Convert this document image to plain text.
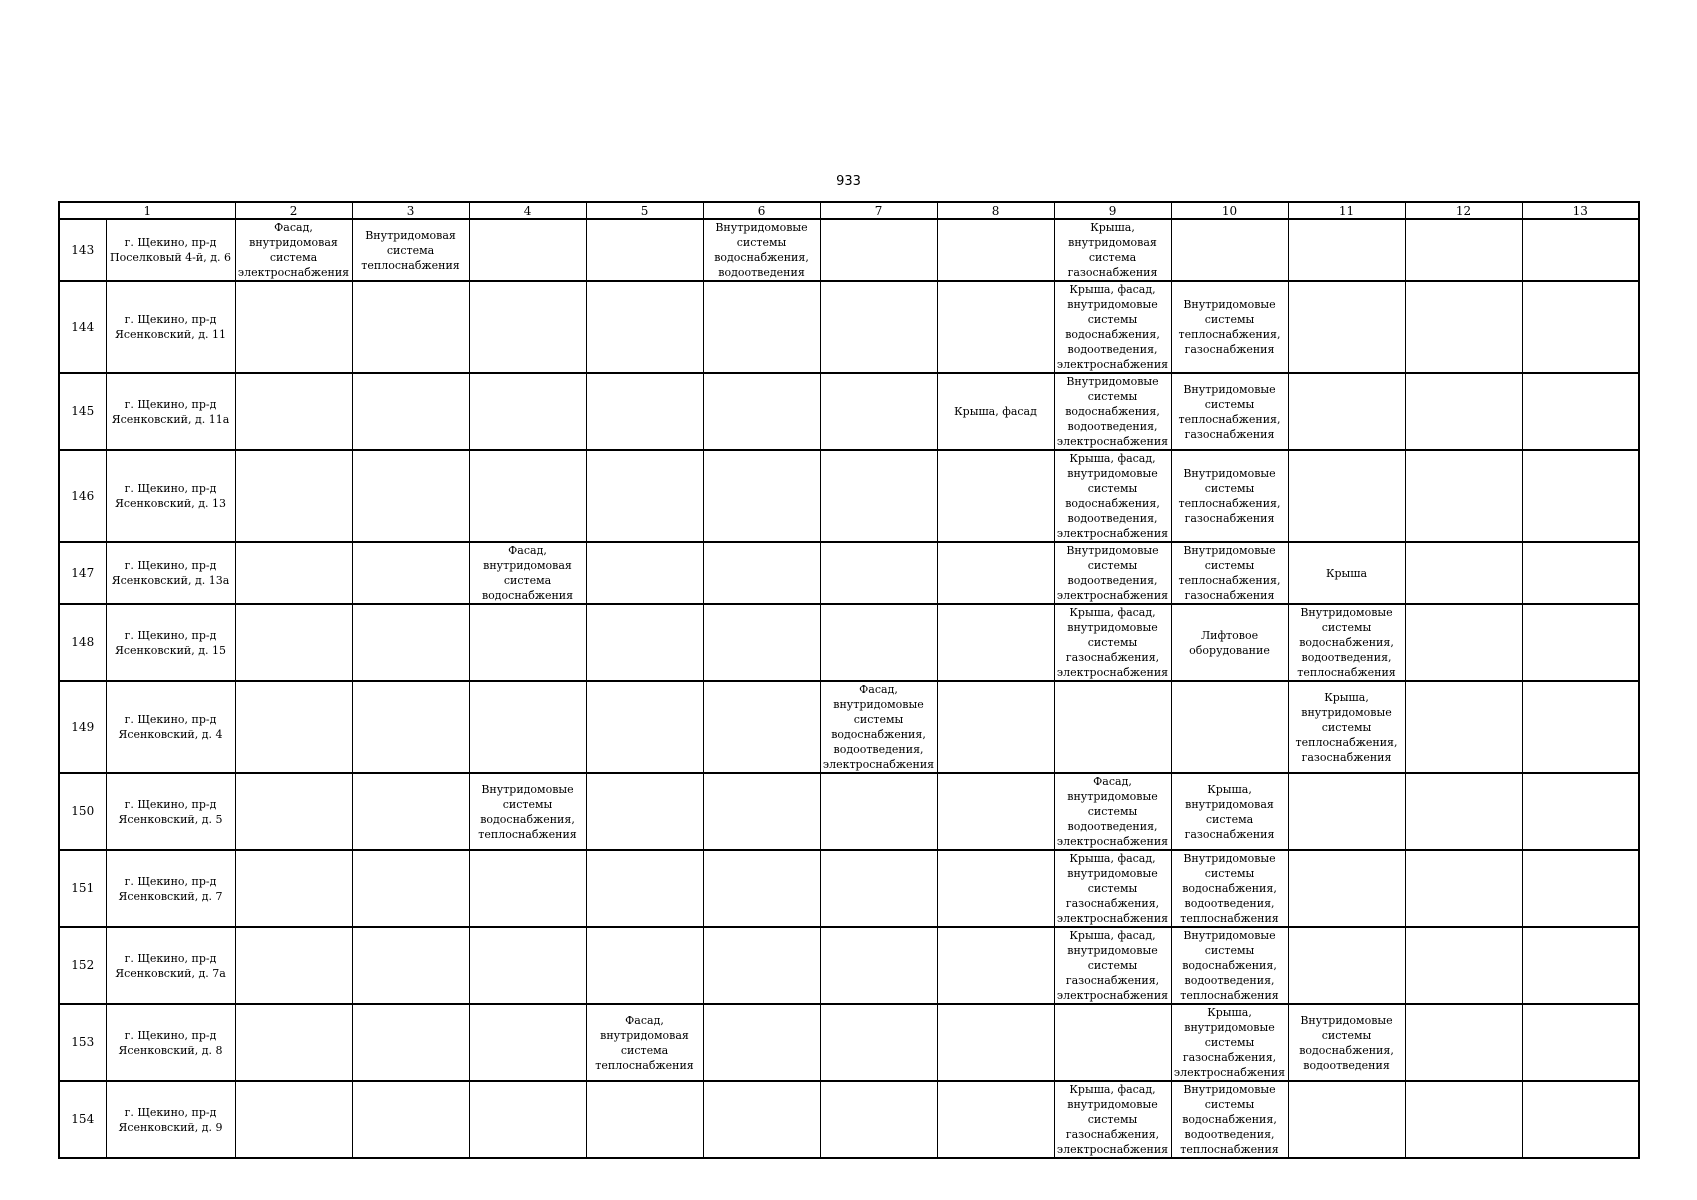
933
1		2	3	4	5	6	7	8	9	10	11	12	13
143	г. Щекино, пр-д Поселковый 4-й, д. 6	Фасад, внутридомовая система электроснабжения	Внутридомовая система теплоснабжения			Внутридомовые системы водоснабжения, водоотведения			Крыша, внутридомовая система газоснабжения				
144	г. Щекино, пр-д Ясенковский, д. 11								Крыша, фасад, внутридомовые системы водоснабжения, водоотведения, электроснабжения	Внутридомовые системы теплоснабжения, газоснабжения			
145	г. Щекино, пр-д Ясенковский, д. 11а							Крыша, фасад	Внутридомовые системы водоснабжения, водоотведения, электроснабжения	Внутридомовые системы теплоснабжения, газоснабжения			
146	г. Щекино, пр-д Ясенковский, д. 13								Крыша, фасад, внутридомовые системы водоснабжения, водоотведения, электроснабжения	Внутридомовые системы теплоснабжения, газоснабжения			
147	г. Щекино, пр-д Ясенковский, д. 13а			Фасад, внутридомовая система водоснабжения					Внутридомовые системы водоотведения, электроснабжения	Внутридомовые системы теплоснабжения, газоснабжения	Крыша		
148	г. Щекино, пр-д Ясенковский, д. 15								Крыша, фасад, внутридомовые системы газоснабжения, электроснабжения	Лифтовое оборудование	Внутридомовые системы водоснабжения, водоотведения, теплоснабжения		
149	г. Щекино, пр-д Ясенковский, д. 4						Фасад, внутридомовые системы водоснабжения, водоотведения, электроснабжения				Крыша, внутридомовые системы теплоснабжения, газоснабжения		
150	г. Щекино, пр-д Ясенковский, д. 5			Внутридомовые системы водоснабжения, теплоснабжения					Фасад, внутридомовые системы водоотведения, электроснабжения	Крыша, внутридомовая система газоснабжения			
151	г. Щекино, пр-д Ясенковский, д. 7								Крыша, фасад, внутридомовые системы газоснабжения, электроснабжения	Внутридомовые системы водоснабжения, водоотведения, теплоснабжения			
152	г. Щекино, пр-д Ясенковский, д. 7а								Крыша, фасад, внутридомовые системы газоснабжения, электроснабжения	Внутридомовые системы водоснабжения, водоотведения, теплоснабжения			
153	г. Щекино, пр-д Ясенковский, д. 8				Фасад, внутридомовая система теплоснабжения					Крыша, внутридомовые системы газоснабжения, электроснабжения	Внутридомовые системы водоснабжения, водоотведения		
154	г. Щекино, пр-д Ясенковский, д. 9								Крыша, фасад, внутридомовые системы газоснабжения, электроснабжения	Внутридомовые системы водоснабжения, водоотведения, теплоснабжения			
